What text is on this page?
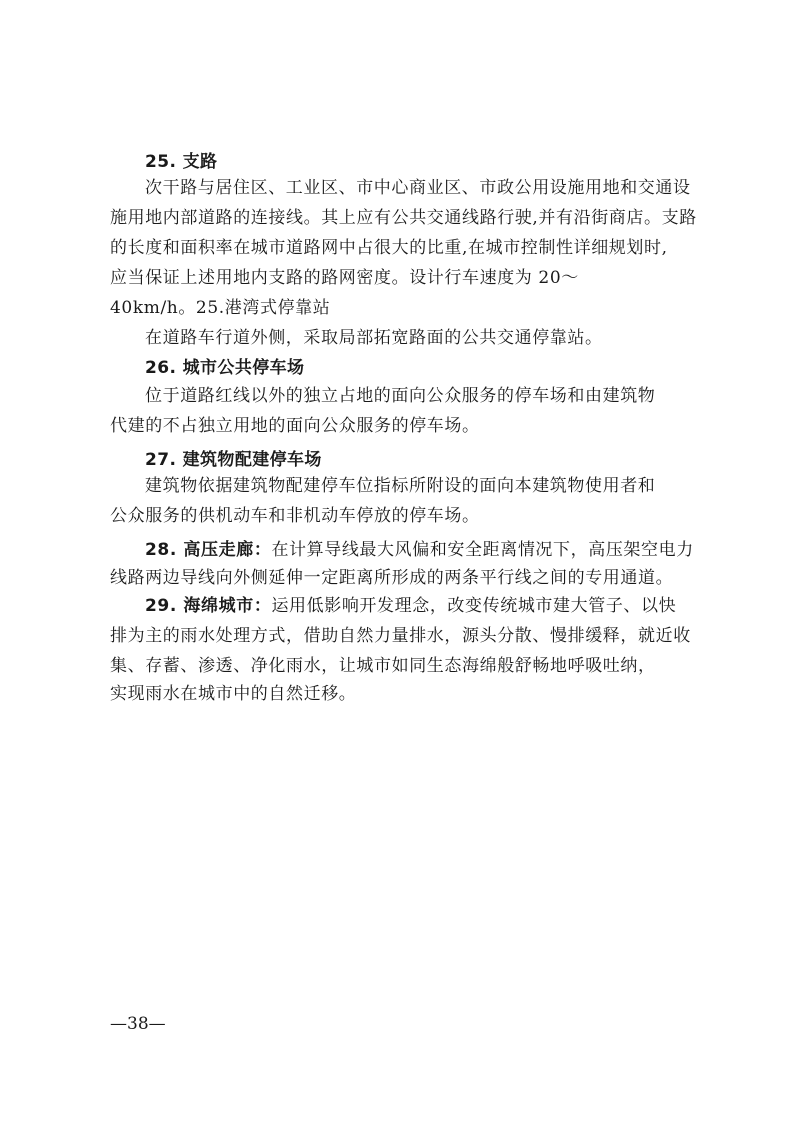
25. 支路
次干路与居住区、工业区、市中心商业区、市政公用设施用地和交通设
施用地内部道路的连接线。其上应有公共交通线路行驶,并有沿街商店。支路
的长度和面积率在城市道路网中占很大的比重,在城市控制性详细规划时,
应当保证上述用地内支路的路网密度。设计行车速度为 20～
40km/h。25.港湾式停靠站
在道路车行道外侧，采取局部拓宽路面的公共交通停靠站。
26. 城市公共停车场
位于道路红线以外的独立占地的面向公众服务的停车场和由建筑物
代建的不占独立用地的面向公众服务的停车场。
27. 建筑物配建停车场
建筑物依据建筑物配建停车位指标所附设的面向本建筑物使用者和
公众服务的供机动车和非机动车停放的停车场。
28. 高压走廊：在计算导线最大风偏和安全距离情况下，高压架空电力
线路两边导线向外侧延伸一定距离所形成的两条平行线之间的专用通道。
29. 海绵城市：运用低影响开发理念，改变传统城市建大管子、以快
排为主的雨水处理方式，借助自然力量排水，源头分散、慢排缓释，就近收
集、存蓄、渗透、净化雨水，让城市如同生态海绵般舒畅地呼吸吐纳，
实现雨水在城市中的自然迁移。
—38—
